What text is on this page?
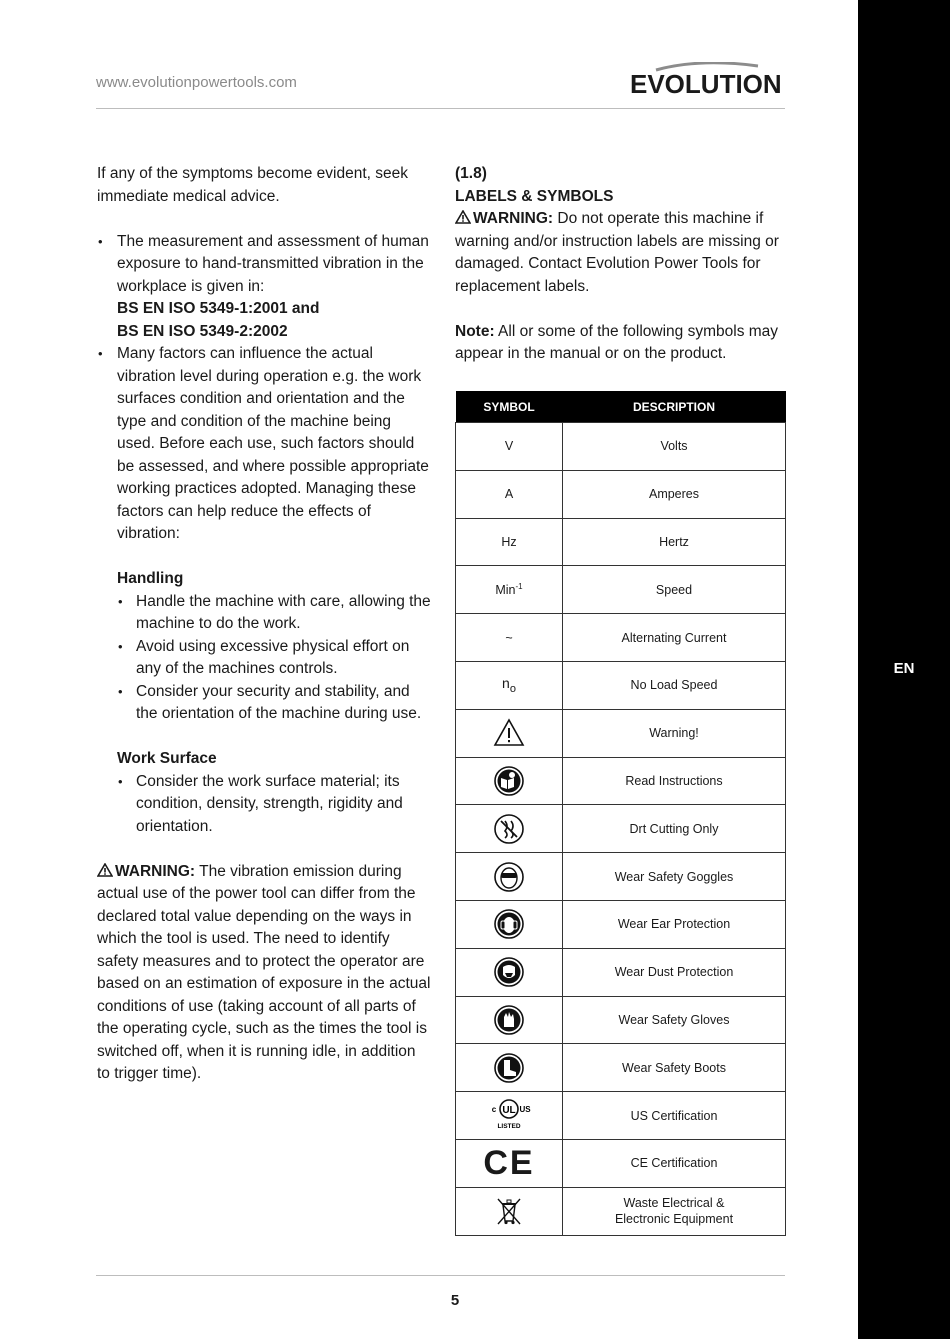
www.evolutionpowertools.com	EVOLUTION

If any of the symptoms become evident, seek immediate medical advice.

• The measurement and assessment of human exposure to hand-transmitted vibration in the workplace is given in:
BS EN ISO 5349-1:2001 and
BS EN ISO 5349-2:2002
• Many factors can influence the actual vibration level during operation e.g. the work surfaces condition and orientation and the type and condition of the machine being used. Before each use, such factors should be assessed, and where possible appropriate working practices adopted. Managing these factors can help reduce the effects of vibration:

Handling

• Handle the machine with care, allowing the machine to do the work.
• Avoid using excessive physical effort on any of the machines controls.
• Consider your security and stability, and the orientation of the machine during use.

Work Surface

• Consider the work surface material; its condition, density, strength, rigidity and orientation.

WARNING: The vibration emission during actual use of the power tool can differ from the declared total value depending on the ways in which the tool is used. The need to identify safety measures and to protect the operator are based on an estimation of exposure in the actual conditions of use (taking account of all parts of the operating cycle, such as the times the tool is switched off, when it is running idle, in addition to trigger time).

(1.8)

LABELS & SYMBOLS

WARNING: Do not operate this machine if warning and/or instruction labels are missing or damaged. Contact Evolution Power Tools for replacement labels.

Note: All or some of the following symbols may appear in the manual or on the product.

SYMBOL	DESCRIPTION
V	Volts
A	Amperes
Hz	Hertz
Min$^{-1}$	Speed
~	Alternating Current
$n_o$	No Load Speed
	Warning!
	Read Instructions
	Drt Cutting Only
	Wear Safety Goggles
	Wear Ear Protection
	Wear Dust Protection
	Wear Safety Gloves
	Wear Safety Boots

UL
c US
LISTED	US Certification
CE	CE Certification
	Waste Electrical &
Electronic Equipment
5
EN
